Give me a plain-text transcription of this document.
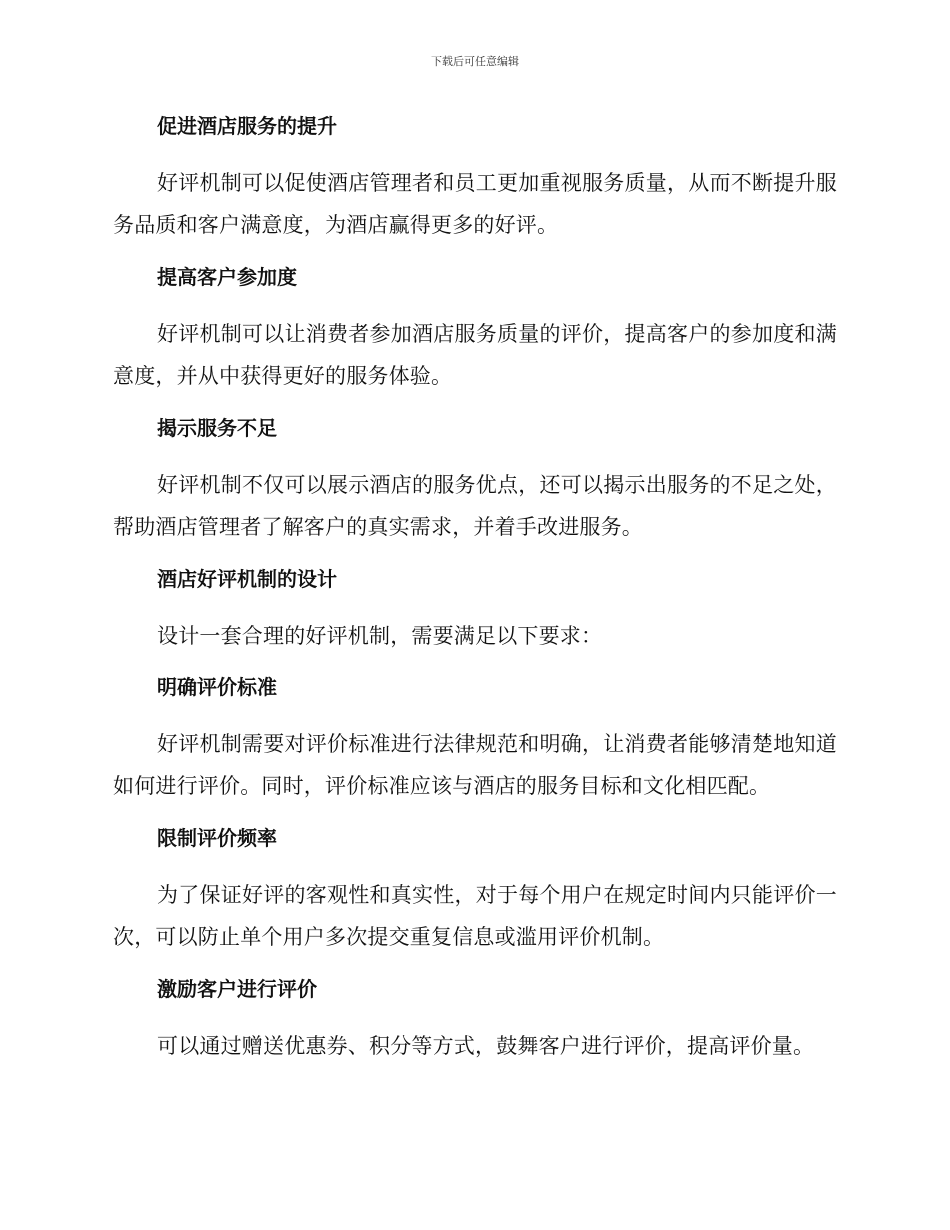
下载后可任意编辑
促进酒店服务的提升

好评机制可以促使酒店管理者和员工更加重视服务质量，从而不断提升服务品质和客户满意度，为酒店赢得更多的好评。

提高客户参加度

好评机制可以让消费者参加酒店服务质量的评价，提高客户的参加度和满意度，并从中获得更好的服务体验。

揭示服务不足

好评机制不仅可以展示酒店的服务优点，还可以揭示出服务的不足之处，帮助酒店管理者了解客户的真实需求，并着手改进服务。

酒店好评机制的设计

设计一套合理的好评机制，需要满足以下要求：

明确评价标准

好评机制需要对评价标准进行法律规范和明确，让消费者能够清楚地知道如何进行评价。同时，评价标准应该与酒店的服务目标和文化相匹配。

限制评价频率

为了保证好评的客观性和真实性，对于每个用户在规定时间内只能评价一次，可以防止单个用户多次提交重复信息或滥用评价机制。

激励客户进行评价

可以通过赠送优惠券、积分等方式，鼓舞客户进行评价，提高评价量。
